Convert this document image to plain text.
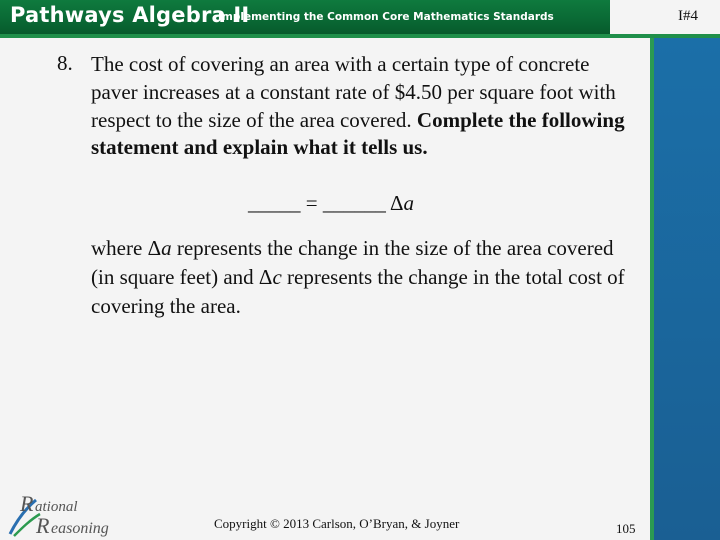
Pathways Algebra II
Implementing the Common Core Mathematics Standards	I#4
8. The cost of covering an area with a certain type of concrete paver increases at a constant rate of $4.50 per square foot with respect to the size of the area covered. Complete the following statement and explain what it tells us.
_____ = ______ Δa
where Δa represents the change in the size of the area covered (in square feet) and Δc represents the change in the total cost of covering the area.
R ational
R easoning	Copyright © 2013 Carlson, O’Bryan, & Joyner	105
